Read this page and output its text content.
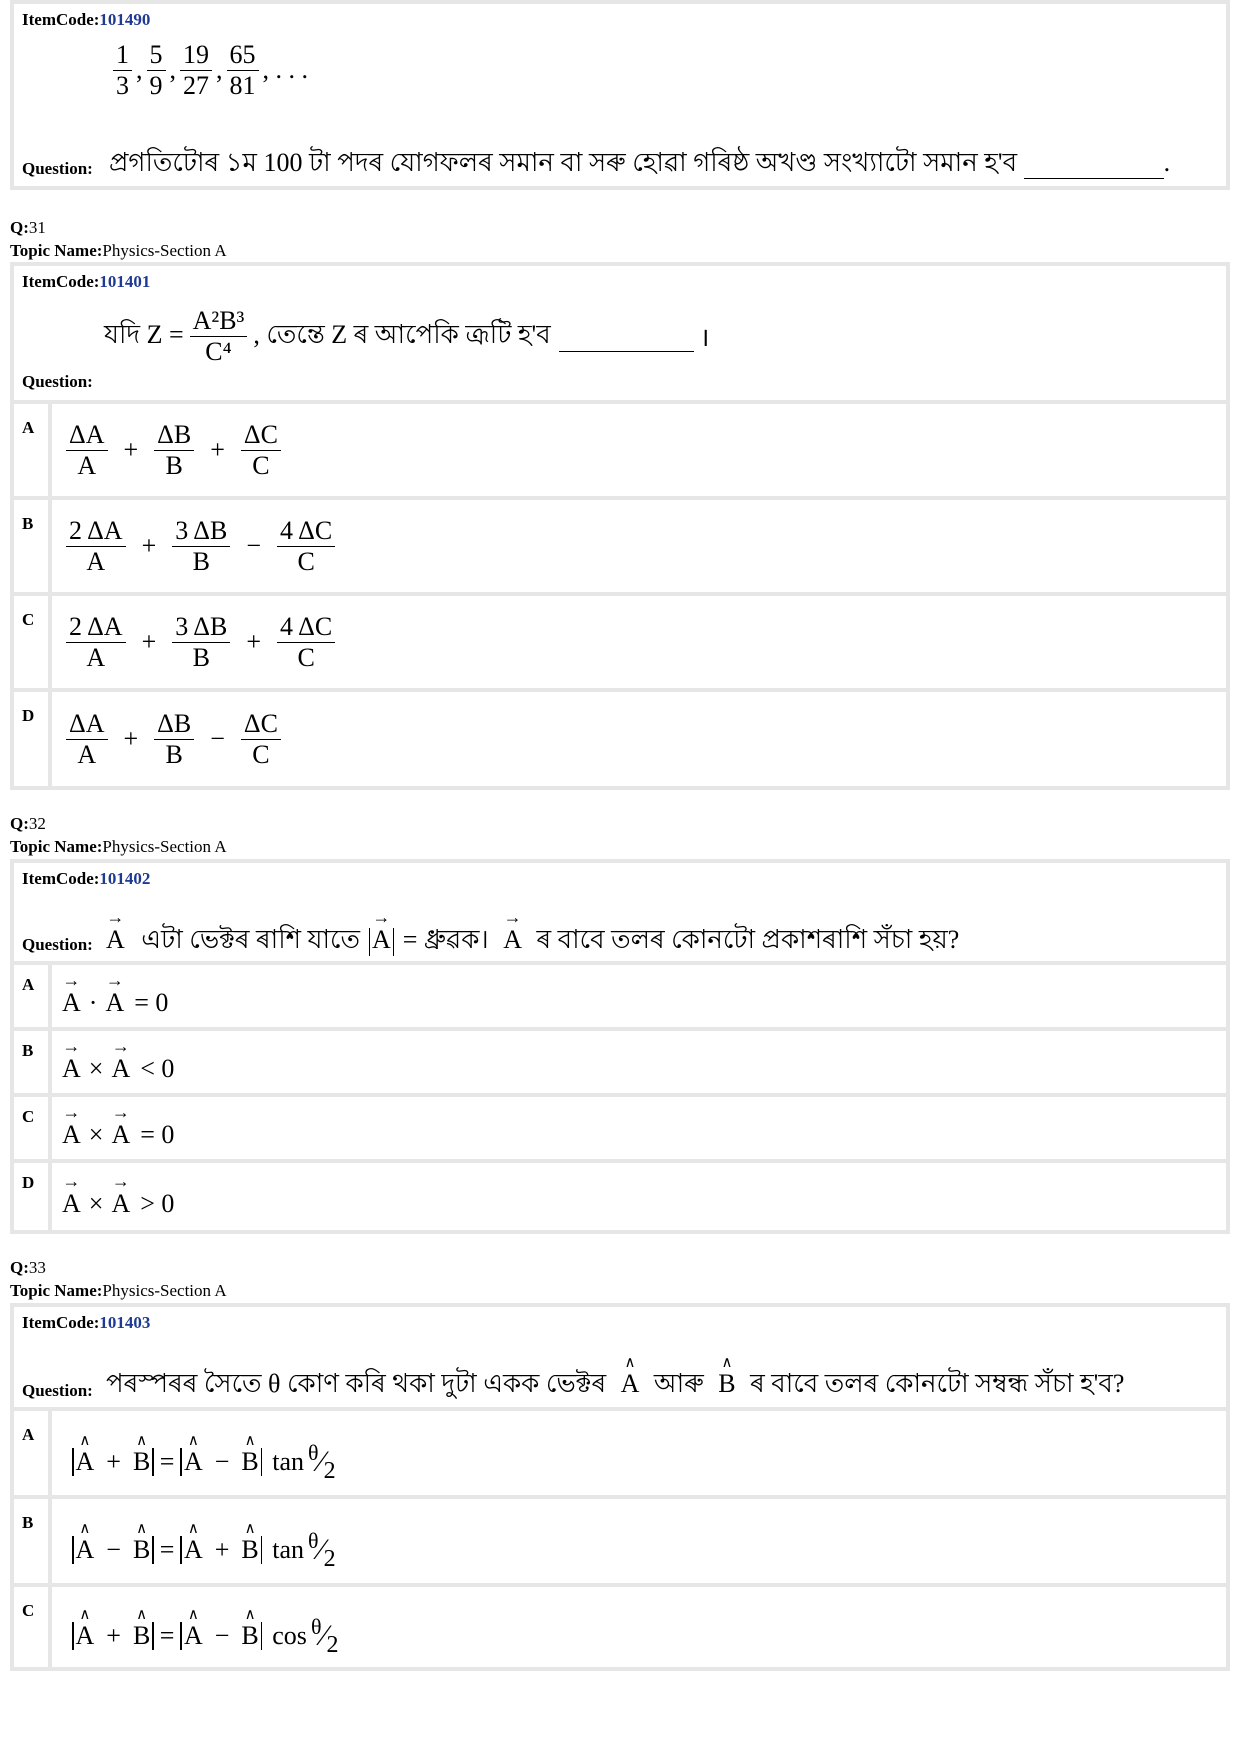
ItemCode:101490
$\frac{1}{3}$ , $\frac{5}{9}$ , $\frac{19}{27}$ , $\frac{65}{81}$ , . . .
Question: প্ৰগতিটোৰ ১ম 100 টা পদৰ যোগফলৰ সমান বা সৰু হোৱা গৰিষ্ঠ অখণ্ড সংখ্যাটো সমান হ'ব	.
Q:31
Topic Name:Physics-Section A
ItemCode:101401
Question:
যদি $Z = \frac{\text{A²B³}}{\text{C⁴}}$ , তেন্তে Z ৰ আপেকি ত্ৰূটি হ'ব
	।
A	$\frac{\Delta A}{A} + \frac{\Delta B}{B} + \frac{\Delta C}{C}$
B	$\frac{2 \Delta A}{A} + \frac{3 \Delta B}{B} - \frac{4 \Delta C}{C}$
C	$\frac{2 \Delta A}{A} + \frac{3 \Delta B}{B} + \frac{4 \Delta C}{C}$
D	$\frac{\Delta A}{A} + \frac{\Delta B}{B} - \frac{\Delta C}{C}$
Q:32
Topic Name:Physics-Section A
ItemCode:101402
Question: → A এটা ভেক্টৰ ৰাশি যাতে → A = ধ্ৰুৱক। → A ৰ বাবে তলৰ কোনটো প্ৰকাশৰাশি সঁচা হয়?
A
→ A · → A = 0
B
→ A × → A < 0
C
→ A × → A = 0
D
→ A × → A > 0
Q:33
Topic Name:Physics-Section A
ItemCode:101403
Question: পৰস্পৰৰ সৈতে θ কোণ কৰি থকা দুটা একক ভেক্টৰ ∧ A আৰু ∧ B ৰ বাবে তলৰ কোনটো সম্বন্ধ সঁচা হ'ব?
A
∧ A + ∧ B = ∧ A − ∧ B $\tan ^\theta⁄_2$
B
∧ A − ∧ B = ∧ A + ∧ B $\tan ^\theta⁄_2$
C
∧ A + ∧ B = ∧ A − ∧ B $\cos ^\theta⁄_2$
